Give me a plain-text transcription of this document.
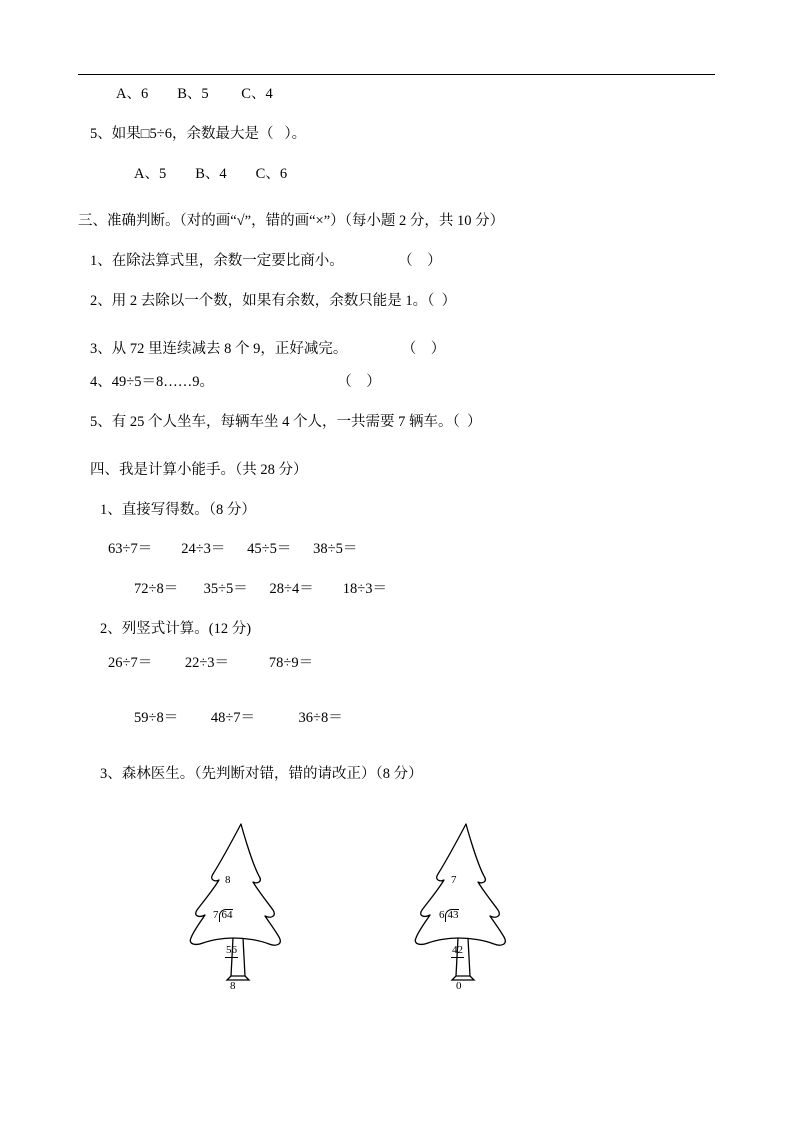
A、6        B、5         C、4
5、如果□5÷6，余数最大是（   ）。
A、5        B、4        C、6
三、准确判断。（对的画“√”，错的画“×”）（每小题 2 分，共 10 分）
1、在除法算式里，余数一定要比商小。               （    ）
2、用 2 去除以一个数，如果有余数，余数只能是 1。（  ）
3、从 72 里连续减去 8 个 9，正好减完。               （    ）
4、49÷5＝8……9。                                  （    ）
5、有 25 个人坐车，每辆车坐 4 个人，一共需要 7 辆车。（  ）
四、我是计算小能手。（共 28 分）
1、直接写得数。（8 分）
63÷7＝        24÷3＝      45÷5＝      38÷5＝
72÷8＝       35÷5＝      28÷4＝        18÷3＝
2、列竖式计算。(12 分)
26÷7＝         22÷3＝           78÷9＝
59÷8＝         48÷7＝            36÷8＝
3、森林医生。（先判断对错，错的请改正）（8 分）

8

7 64

56

8

7

6 43

42

0
